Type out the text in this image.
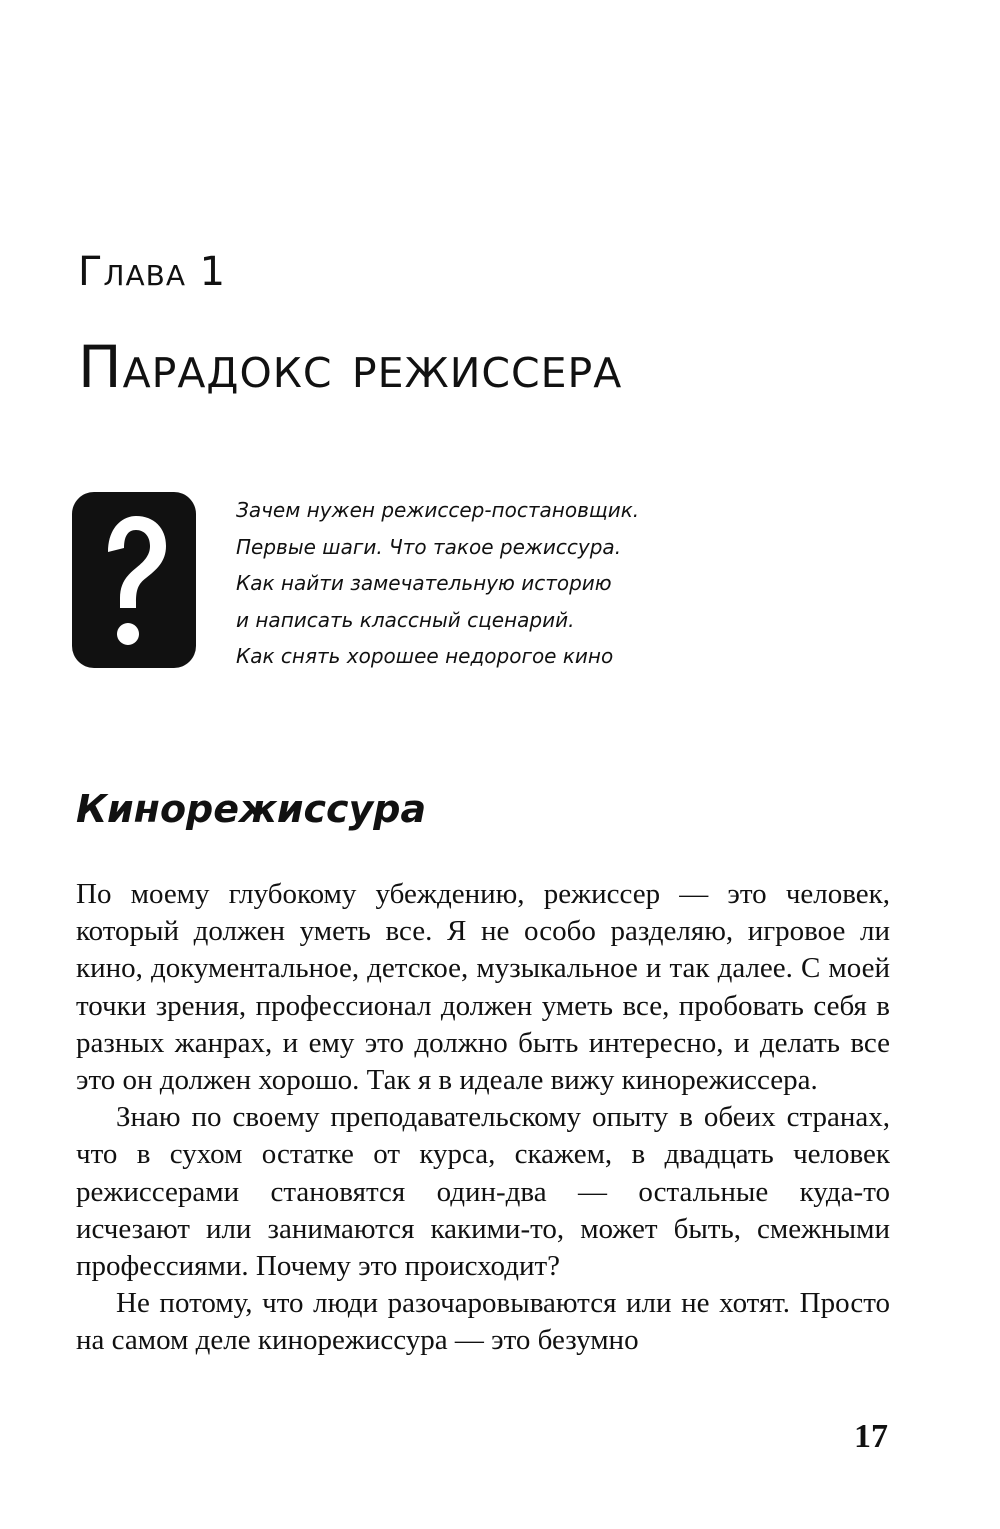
Глава 1
Парадокс режиссера
Зачем нужен режиссер-постановщик.
Первые шаги. Что такое режиссура.
Как найти замечательную историю
и написать классный сценарий.
Как снять хорошее недорогое кино
Кинорежиссура

По моему глубокому убеждению, режиссер — это человек, который должен уметь все. Я не особо разделяю, игровое ли кино, документальное, детское, музыкальное и так далее. С моей точки зрения, профессионал должен уметь все, пробовать себя в разных жанрах, и ему это должно быть интересно, и делать все это он должен хорошо. Так я в идеале вижу кинорежиссера.

Знаю по своему преподавательскому опыту в обеих странах, что в сухом остатке от курса, скажем, в двадцать человек режиссерами становятся один-два — остальные куда-то исчезают или занимаются какими-то, может быть, смежными профессиями. Почему это происходит?

Не потому, что люди разочаровываются или не хотят. Просто на самом деле кинорежиссура — это безумно

17
